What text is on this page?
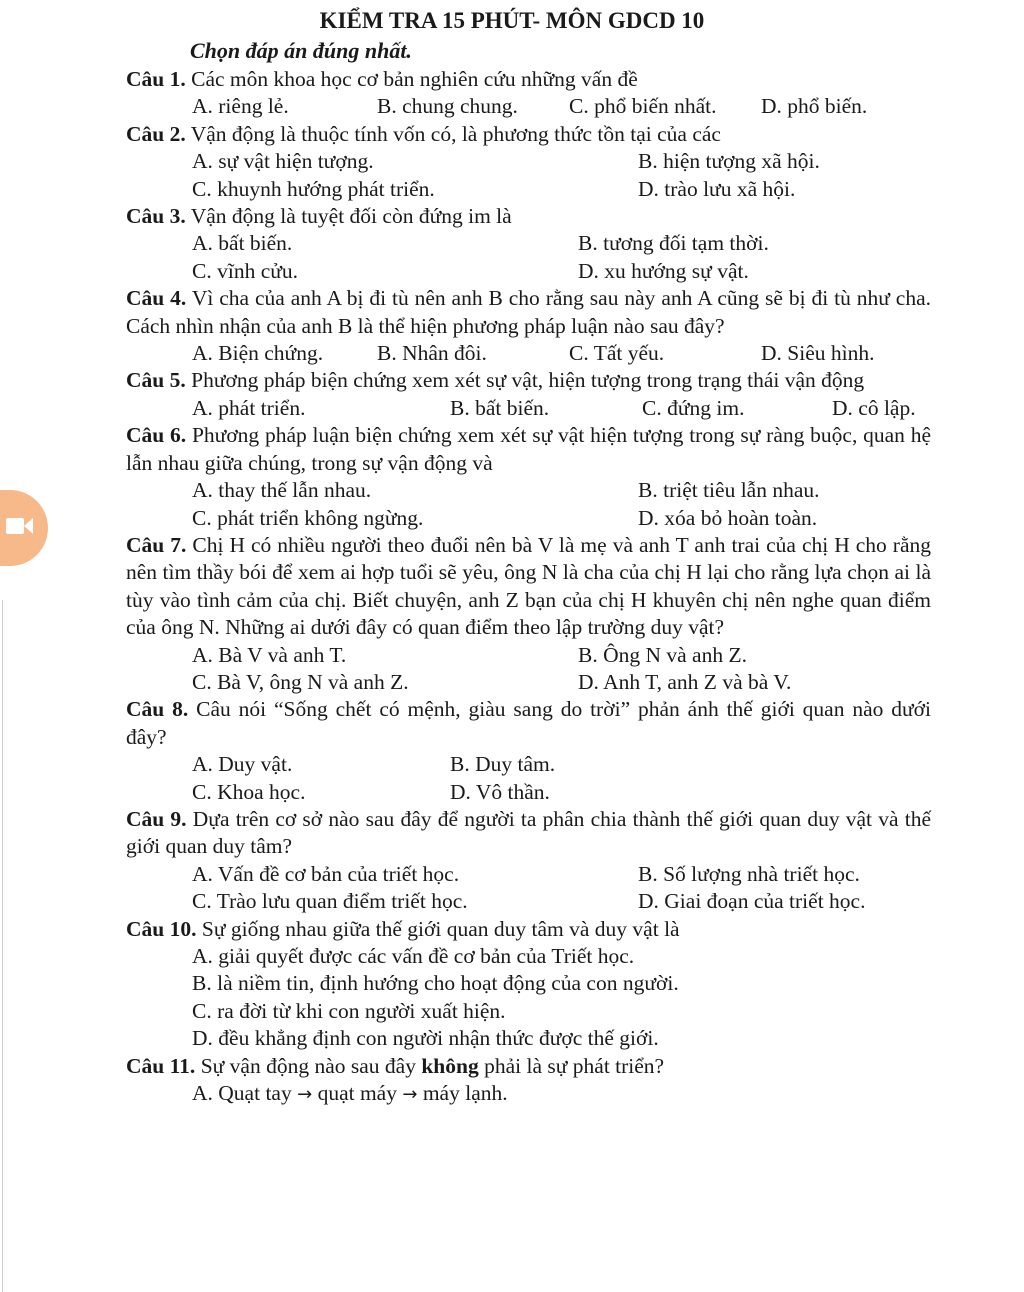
KIỂM TRA 15 PHÚT- MÔN GDCD 10
Chọn đáp án đúng nhất.
Câu 1. Các môn khoa học cơ bản nghiên cứu những vấn đề
A. riêng lẻ.	B. chung chung.	C. phổ biến nhất.	D. phổ biến.
Câu 2. Vận động là thuộc tính vốn có, là phương thức tồn tại của các
A. sự vật hiện tượng.	B. hiện tượng xã hội.
C. khuynh hướng phát triển.	D. trào lưu xã hội.
Câu 3. Vận động là tuyệt đối còn đứng im là
A. bất biến.	B. tương đối tạm thời.
C. vĩnh cửu.	D. xu hướng sự vật.
Câu 4. Vì cha của anh A bị đi tù nên anh B cho rằng sau này anh A cũng sẽ bị đi tù như cha. Cách nhìn nhận của anh B là thể hiện phương pháp luận nào sau đây?
A. Biện chứng.	B. Nhân đôi.	C. Tất yếu.	D. Siêu hình.
Câu 5. Phương pháp biện chứng xem xét sự vật, hiện tượng trong trạng thái vận động
A. phát triển.	B. bất biến.	C. đứng im.	D. cô lập.
Câu 6. Phương pháp luận biện chứng xem xét sự vật hiện tượng trong sự ràng buộc, quan hệ lẫn nhau giữa chúng, trong sự vận động và
A. thay thế lẫn nhau.	B. triệt tiêu lẫn nhau.
C. phát triển không ngừng.	D. xóa bỏ hoàn toàn.
Câu 7. Chị H có nhiều người theo đuổi nên bà V là mẹ và anh T anh trai của chị H cho rằng nên tìm thầy bói để xem ai hợp tuổi sẽ yêu, ông N là cha của chị H lại cho rằng lựa chọn ai là tùy vào tình cảm của chị. Biết chuyện, anh Z bạn của chị H khuyên chị nên nghe quan điểm của ông N. Những ai dưới đây có quan điểm theo lập trường duy vật?
A. Bà V và anh T.	B. Ông N và anh Z.
C. Bà V, ông N và anh Z.	D. Anh T, anh Z và bà V.
Câu 8. Câu nói “Sống chết có mệnh, giàu sang do trời” phản ánh thế giới quan nào dưới đây?
A. Duy vật.	B. Duy tâm.
C. Khoa học.	D. Vô thần.
Câu 9. Dựa trên cơ sở nào sau đây để người ta phân chia thành thế giới quan duy vật và thế giới quan duy tâm?
A. Vấn đề cơ bản của triết học.	B. Số lượng nhà triết học.
C. Trào lưu quan điểm triết học.	D. Giai đoạn của triết học.
Câu 10. Sự giống nhau giữa thế giới quan duy tâm và duy vật là
A. giải quyết được các vấn đề cơ bản của Triết học.
B. là niềm tin, định hướng cho hoạt động của con người.
C. ra đời từ khi con người xuất hiện.
D. đều khẳng định con người nhận thức được thế giới.
Câu 11. Sự vận động nào sau đây không phải là sự phát triển?
A. Quạt tay → quạt máy → máy lạnh.
